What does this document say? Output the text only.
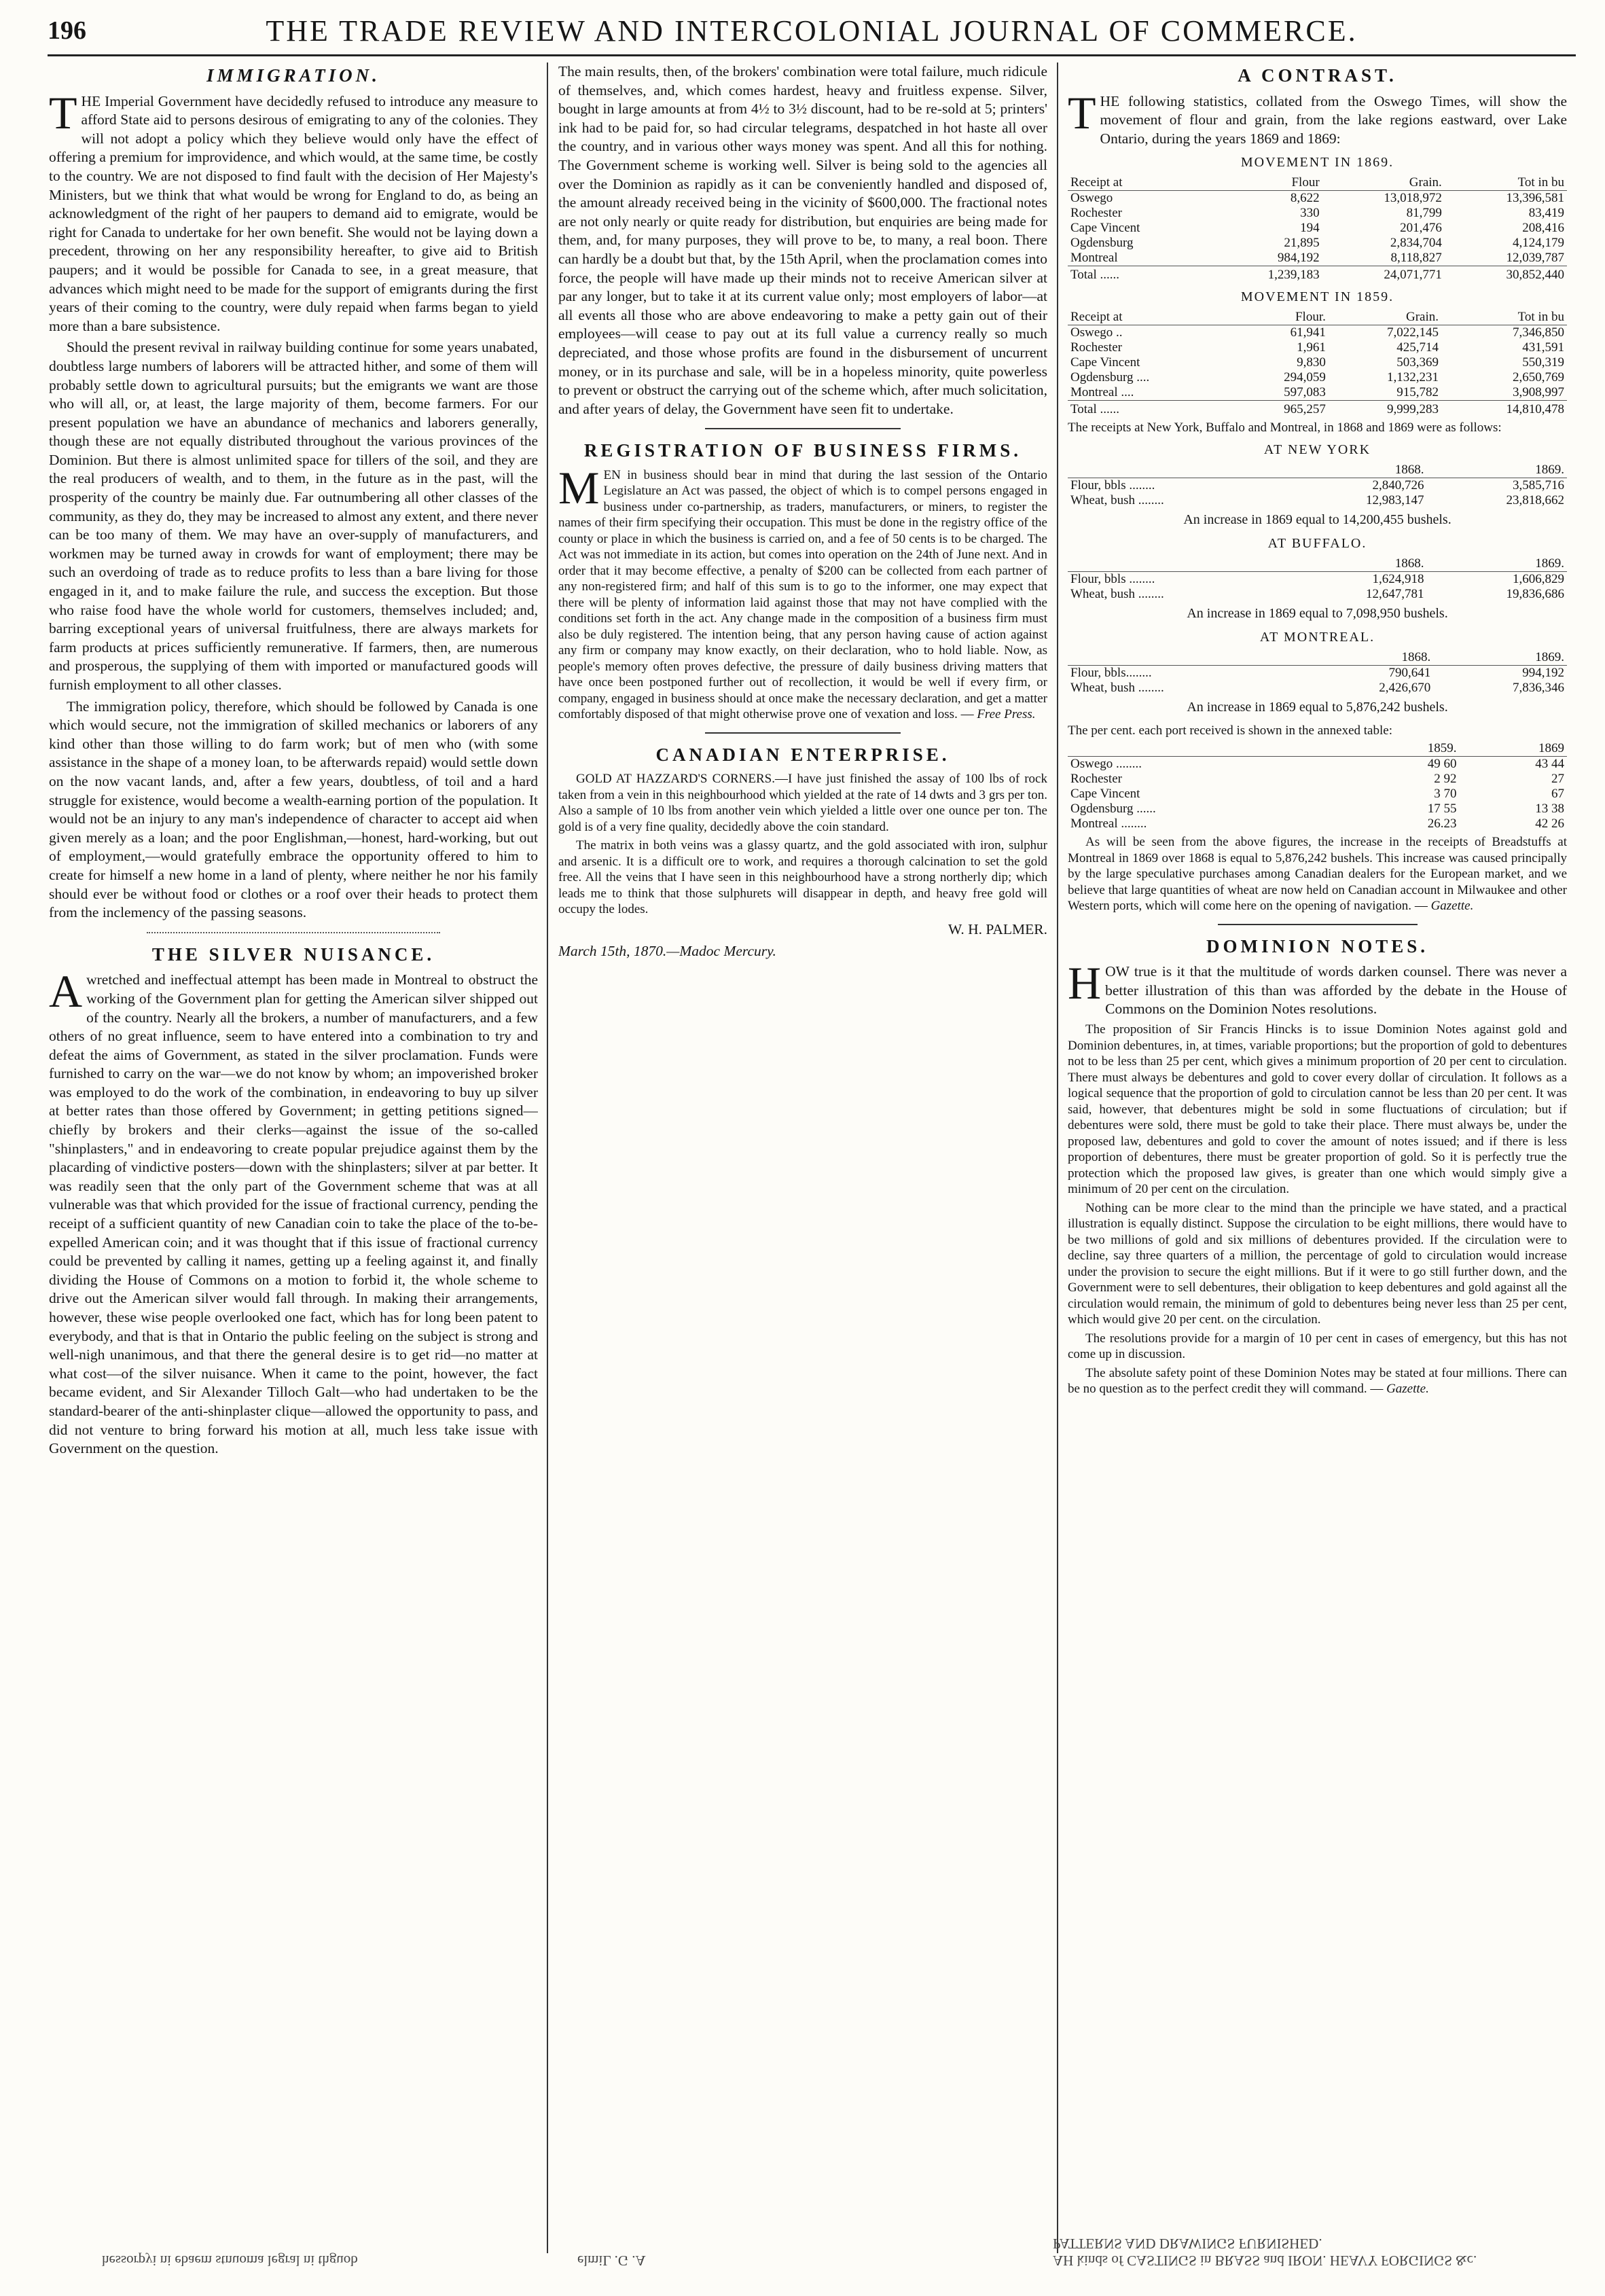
196	THE TRADE REVIEW AND INTERCOLONIAL JOURNAL OF COMMERCE.
IMMIGRATION.

THE Imperial Government have decidedly refused to introduce any measure to afford State aid to persons desirous of emigrating to any of the colonies. They will not adopt a policy which they believe would only have the effect of offering a premium for improvidence, and which would, at the same time, be costly to the country. We are not disposed to find fault with the decision of Her Majesty's Ministers, but we think that what would be wrong for England to do, as being an acknowledgment of the right of her paupers to demand aid to emigrate, would be right for Canada to undertake for her own benefit. She would not be laying down a precedent, throwing on her any responsibility hereafter, to give aid to British paupers; and it would be possible for Canada to see, in a great measure, that advances which might need to be made for the support of emigrants during the first years of their coming to the country, were duly repaid when farms began to yield more than a bare subsistence.

Should the present revival in railway building continue for some years unabated, doubtless large numbers of laborers will be attracted hither, and some of them will probably settle down to agricultural pursuits; but the emigrants we want are those who will all, or, at least, the large majority of them, become farmers. For our present population we have an abundance of mechanics and laborers generally, though these are not equally distributed throughout the various provinces of the Dominion. But there is almost unlimited space for tillers of the soil, and they are the real producers of wealth, and to them, in the future as in the past, will the prosperity of the country be mainly due. Far outnumbering all other classes of the community, as they do, they may be increased to almost any extent, and there never can be too many of them. We may have an over-supply of manufacturers, and workmen may be turned away in crowds for want of employment; there may be such an overdoing of trade as to reduce profits to less than a bare living for those engaged in it, and to make failure the rule, and success the exception. But those who raise food have the whole world for customers, themselves included; and, barring exceptional years of universal fruitfulness, there are always markets for farm products at prices sufficiently remunerative. If farmers, then, are numerous and prosperous, the supplying of them with imported or manufactured goods will furnish employment to all other classes.

The immigration policy, therefore, which should be followed by Canada is one which would secure, not the immigration of skilled mechanics or laborers of any kind other than those willing to do farm work; but of men who (with some assistance in the shape of a money loan, to be afterwards repaid) would settle down on the now vacant lands, and, after a few years, doubtless, of toil and a hard struggle for existence, would become a wealth-earning portion of the population. It would not be an injury to any man's independence of character to accept aid when given merely as a loan; and the poor Englishman,—honest, hard-working, but out of employment,—would gratefully embrace the opportunity offered to him to create for himself a new home in a land of plenty, where neither he nor his family should ever be without food or clothes or a roof over their heads to protect them from the inclemency of the passing seasons.

THE SILVER NUISANCE.

Awretched and ineffectual attempt has been made in Montreal to obstruct the working of the Government plan for getting the American silver shipped out of the country. Nearly all the brokers, a number of manufacturers, and a few others of no great influence, seem to have entered into a combination to try and defeat the aims of Government, as stated in the silver proclamation. Funds were furnished to carry on the war—we do not know by whom; an impoverished broker was employed to do the work of the combination, in endeavoring to buy up silver at better rates than those offered by Government; in getting petitions signed—chiefly by brokers and their clerks—against the issue of the so-called "shinplasters," and in endeavoring to create popular prejudice against them by the placarding of vindictive posters—down with the shinplasters; silver at par better. It was readily seen that the only part of the Government scheme that was at all vulnerable was that which provided for the issue of fractional currency, pending the receipt of a sufficient quantity of new Canadian coin to take the place of the to-be-expelled American coin; and it was thought that if this issue of fractional currency could be prevented by calling it names, getting up a feeling against it, and finally dividing the House of Commons on a motion to forbid it, the whole scheme to drive out the American silver would fall through. In making their arrangements, however, these wise people overlooked one fact, which has for long been patent to everybody, and that is that in Ontario the public feeling on the subject is strong and well-nigh unanimous, and that there the general desire is to get rid—no matter at what cost—of the silver nuisance. When it came to the point, however, the fact became evident, and Sir Alexander Tilloch Galt—who had undertaken to be the standard-bearer of the anti-shinplaster clique—allowed the opportunity to pass, and did not venture to bring forward his motion at all, much less take issue with Government on the question.

The main results, then, of the brokers' combination were total failure, much ridicule of themselves, and, which comes hardest, heavy and fruitless expense. Silver, bought in large amounts at from 4½ to 3½ discount, had to be re-sold at 5; printers' ink had to be paid for, so had circular telegrams, despatched in hot haste all over the country, and in various other ways money was spent. And all this for nothing. The Government scheme is working well. Silver is being sold to the agencies all over the Dominion as rapidly as it can be conveniently handled and disposed of, the amount already received being in the vicinity of $600,000. The fractional notes are not only nearly or quite ready for distribution, but enquiries are being made for them, and, for many purposes, they will prove to be, to many, a real boon. There can hardly be a doubt but that, by the 15th April, when the proclamation comes into force, the people will have made up their minds not to receive American silver at par any longer, but to take it at its current value only; most employers of labor—at all events all those who are above endeavoring to make a petty gain out of their employees—will cease to pay out at its full value a currency really so much depreciated, and those whose profits are found in the disbursement of uncurrent money, or in its purchase and sale, will be in a hopeless minority, quite powerless to prevent or obstruct the carrying out of the scheme which, after much solicitation, and after years of delay, the Government have seen fit to undertake.

REGISTRATION OF BUSINESS FIRMS.

MEN in business should bear in mind that during the last session of the Ontario Legislature an Act was passed, the object of which is to compel persons engaged in business under co-partnership, as traders, manufacturers, or miners, to register the names of their firm specifying their occupation. This must be done in the registry office of the county or place in which the business is carried on, and a fee of 50 cents is to be charged. The Act was not immediate in its action, but comes into operation on the 24th of June next. And in order that it may become effective, a penalty of $200 can be collected from each partner of any non-registered firm; and half of this sum is to go to the informer, one may expect that there will be plenty of information laid against those that may not have complied with the conditions set forth in the act. Any change made in the composition of a business firm must also be duly registered. The intention being, that any person having cause of action against any firm or company may know exactly, on their declaration, who to hold liable. Now, as people's memory often proves defective, the pressure of daily business driving matters that have once been postponed further out of recollection, it would be well if every firm, or company, engaged in business should at once make the necessary declaration, and get a matter comfortably disposed of that might otherwise prove one of vexation and loss. — Free Press.

CANADIAN ENTERPRISE.

GOLD AT HAZZARD'S CORNERS.—I have just finished the assay of 100 lbs of rock taken from a vein in this neighbourhood which yielded at the rate of 14 dwts and 3 grs per ton. Also a sample of 10 lbs from another vein which yielded a little over one ounce per ton. The gold is of a very fine quality, decidedly above the coin standard.

The matrix in both veins was a glassy quartz, and the gold associated with iron, sulphur and arsenic. It is a difficult ore to work, and requires a thorough calcination to set the gold free. All the veins that I have seen in this neighbourhood have a strong northerly dip; which leads me to think that those sulphurets will disappear in depth, and heavy free gold will occupy the lodes.

W. H. PALMER.
March 15th, 1870.—Madoc Mercury.
A CONTRAST.

THE following statistics, collated from the Oswego Times, will show the movement of flour and grain, from the lake regions eastward, over Lake Ontario, during the years 1869 and 1869:

MOVEMENT IN 1869.
Receipt at	Flour	Grain.	Tot in bu
Oswego	8,622	13,018,972	13,396,581
Rochester	330	81,799	83,419
Cape Vincent	194	201,476	208,416
Ogdensburg	21,895	2,834,704	4,124,179
Montreal	984,192	8,118,827	12,039,787
Total ......	1,239,183	24,071,771	30,852,440
MOVEMENT IN 1859.
Receipt at	Flour.	Grain.	Tot in bu
Oswego ..	61,941	7,022,145	7,346,850
Rochester	1,961	425,714	431,591
Cape Vincent	9,830	503,369	550,319
Ogdensburg ....	294,059	1,132,231	2,650,769
Montreal ....	597,083	915,782	3,908,997
Total ......	965,257	9,999,283	14,810,478

The receipts at New York, Buffalo and Montreal, in 1868 and 1869 were as follows:

AT NEW YORK
	1868.	1869.
Flour, bbls ........	2,840,726	3,585,716
Wheat, bush ........	12,983,147	23,818,662
An increase in 1869 equal to 14,200,455 bushels.
AT BUFFALO.
	1868.	1869.
Flour, bbls ........	1,624,918	1,606,829
Wheat, bush ........	12,647,781	19,836,686
An increase in 1869 equal to 7,098,950 bushels.
AT MONTREAL.
	1868.	1869.
Flour, bbls........	790,641	994,192
Wheat, bush ........	2,426,670	7,836,346
An increase in 1869 equal to 5,876,242 bushels.

The per cent. each port received is shown in the annexed table:

	1859.	1869
Oswego ........	49 60	43 44
Rochester	2 92	27
Cape Vincent	3 70	67
Ogdensburg ......	17 55	13 38
Montreal ........	26.23	42 26

As will be seen from the above figures, the increase in the receipts of Breadstuffs at Montreal in 1869 over 1868 is equal to 5,876,242 bushels. This increase was caused principally by the large speculative purchases among Canadian dealers for the European market, and we believe that large quantities of wheat are now held on Canadian account in Milwaukee and other Western ports, which will come here on the opening of navigation. — Gazette.

DOMINION NOTES.

HOW true is it that the multitude of words darken counsel. There was never a better illustration of this than was afforded by the debate in the House of Commons on the Dominion Notes resolutions.

The proposition of Sir Francis Hincks is to issue Dominion Notes against gold and Dominion debentures, in, at times, variable proportions; but the proportion of gold to debentures not to be less than 25 per cent, which gives a minimum proportion of 20 per cent to circulation. There must always be debentures and gold to cover every dollar of circulation. It follows as a logical sequence that the proportion of gold to circulation cannot be less than 20 per cent. It was said, however, that debentures might be sold in some fluctuations of circulation; but if debentures were sold, there must be gold to take their place. There must always be, under the proposed law, debentures and gold to cover the amount of notes issued; and if there is less proportion of debentures, there must be greater proportion of gold. So it is perfectly true the protection which the proposed law gives, is greater than one which would simply give a minimum of 20 per cent on the circulation.

Nothing can be more clear to the mind than the principle we have stated, and a practical illustration is equally distinct. Suppose the circulation to be eight millions, there would have to be two millions of gold and six millions of debentures provided. If the circulation were to decline, say three quarters of a million, the percentage of gold to circulation would increase under the provision to secure the eight millions. But if it were to go still further down, and the Government were to sell debentures, their obligation to keep debentures and gold against all the circulation would remain, the minimum of gold to debentures being never less than 25 per cent, which would give 20 per cent. on the circulation.

The resolutions provide for a margin of 10 per cent in cases of emergency, but this has not come up in discussion.

The absolute safety point of these Dominion Notes may be stated at four millions. There can be no question as to the perfect credit they will command. — Gazette.

hessorpyi ni ebaem stnuoma legral ni thguob	elmiL .G .A	AH kinds of CASTINGS in BRASS and IRON. HEAVY FORGINGS &c. PATTERNS AND DRAWINGS FURNISHED.
